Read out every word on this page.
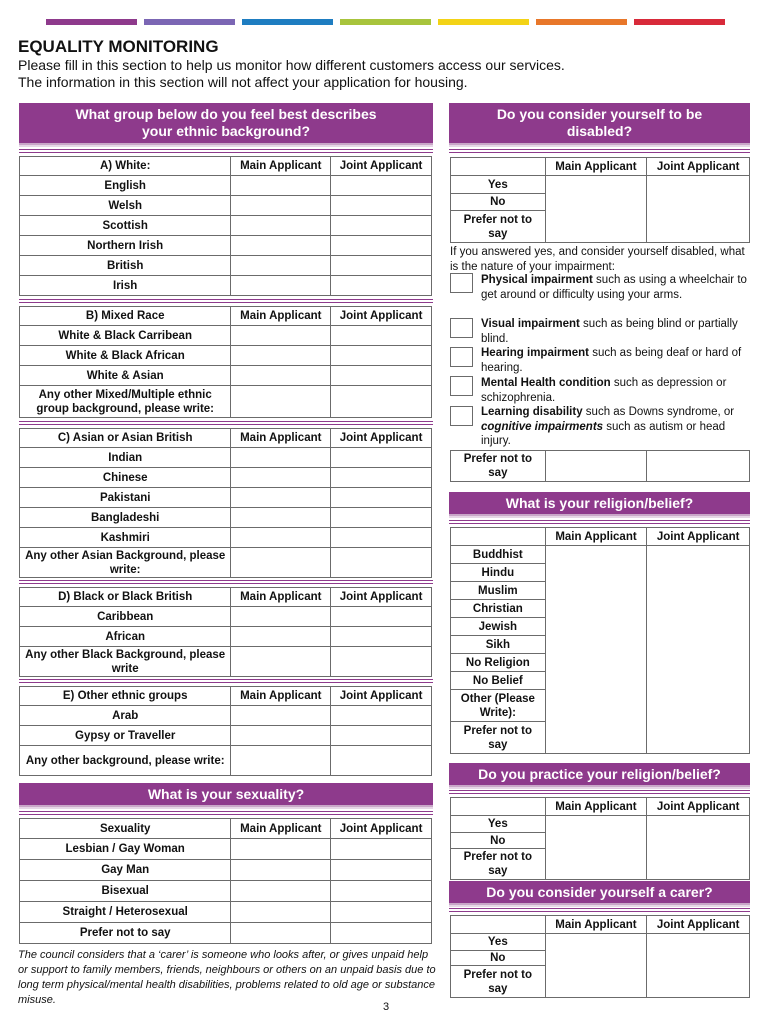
EQUALITY MONITORING
Please fill in this section to help us monitor how different customers access our services.
The information in this section will not affect your application for housing.
What group below do you feel best describes your ethnic background?
A) White:	Main Applicant	Joint Applicant
English		
Welsh		
Scottish		
Northern Irish		
British		
Irish		
B) Mixed Race	Main Applicant	Joint Applicant
White & Black Carribean		
White & Black African		
White & Asian		
Any other Mixed/Multiple ethnic group background, please write:		
C) Asian or Asian British	Main Applicant	Joint Applicant
Indian		
Chinese		
Pakistani		
Bangladeshi		
Kashmiri		
Any other Asian Background, please write:		
D) Black or Black British	Main Applicant	Joint Applicant
Caribbean		
African		
Any other Black Background, please write		
E) Other ethnic groups	Main Applicant	Joint Applicant
Arab		
Gypsy or Traveller		
Any other background, please write:		
What is your sexuality?
Sexuality	Main Applicant	Joint Applicant
Lesbian / Gay Woman		
Gay Man		
Bisexual		
Straight / Heterosexual		
Prefer not to say		
The council considers that a ‘carer’ is someone who looks after, or gives unpaid help or support to family members, friends, neighbours or others on an unpaid basis due to long term physical/mental health disabilities, problems related to old age or substance misuse.
3
Do you consider yourself to be disabled?
	Main Applicant	Joint Applicant
Yes		
No		
Prefer not to say		
If you answered yes, and consider yourself disabled, what is the nature of your impairment:
Physical impairment such as using a wheelchair to get around or difficulty using your arms.
Visual impairment such as being blind or partially blind.
Hearing impairment such as being deaf or hard of hearing.
Mental Health condition such as depression or schizophrenia.
Learning disability such as Downs syndrome, or cognitive impairments such as autism or head injury.
Prefer not to say		
What is your religion/belief?
	Main Applicant	Joint Applicant
Buddhist		
Hindu		
Muslim		
Christian		
Jewish		
Sikh		
No Religion		
No Belief		
Other (Please Write):		
Prefer not to say		
Do you practice your religion/belief?
	Main Applicant	Joint Applicant
Yes		
No		
Prefer not to say		
Do you consider yourself a carer?
	Main Applicant	Joint Applicant
Yes		
No		
Prefer not to say		
